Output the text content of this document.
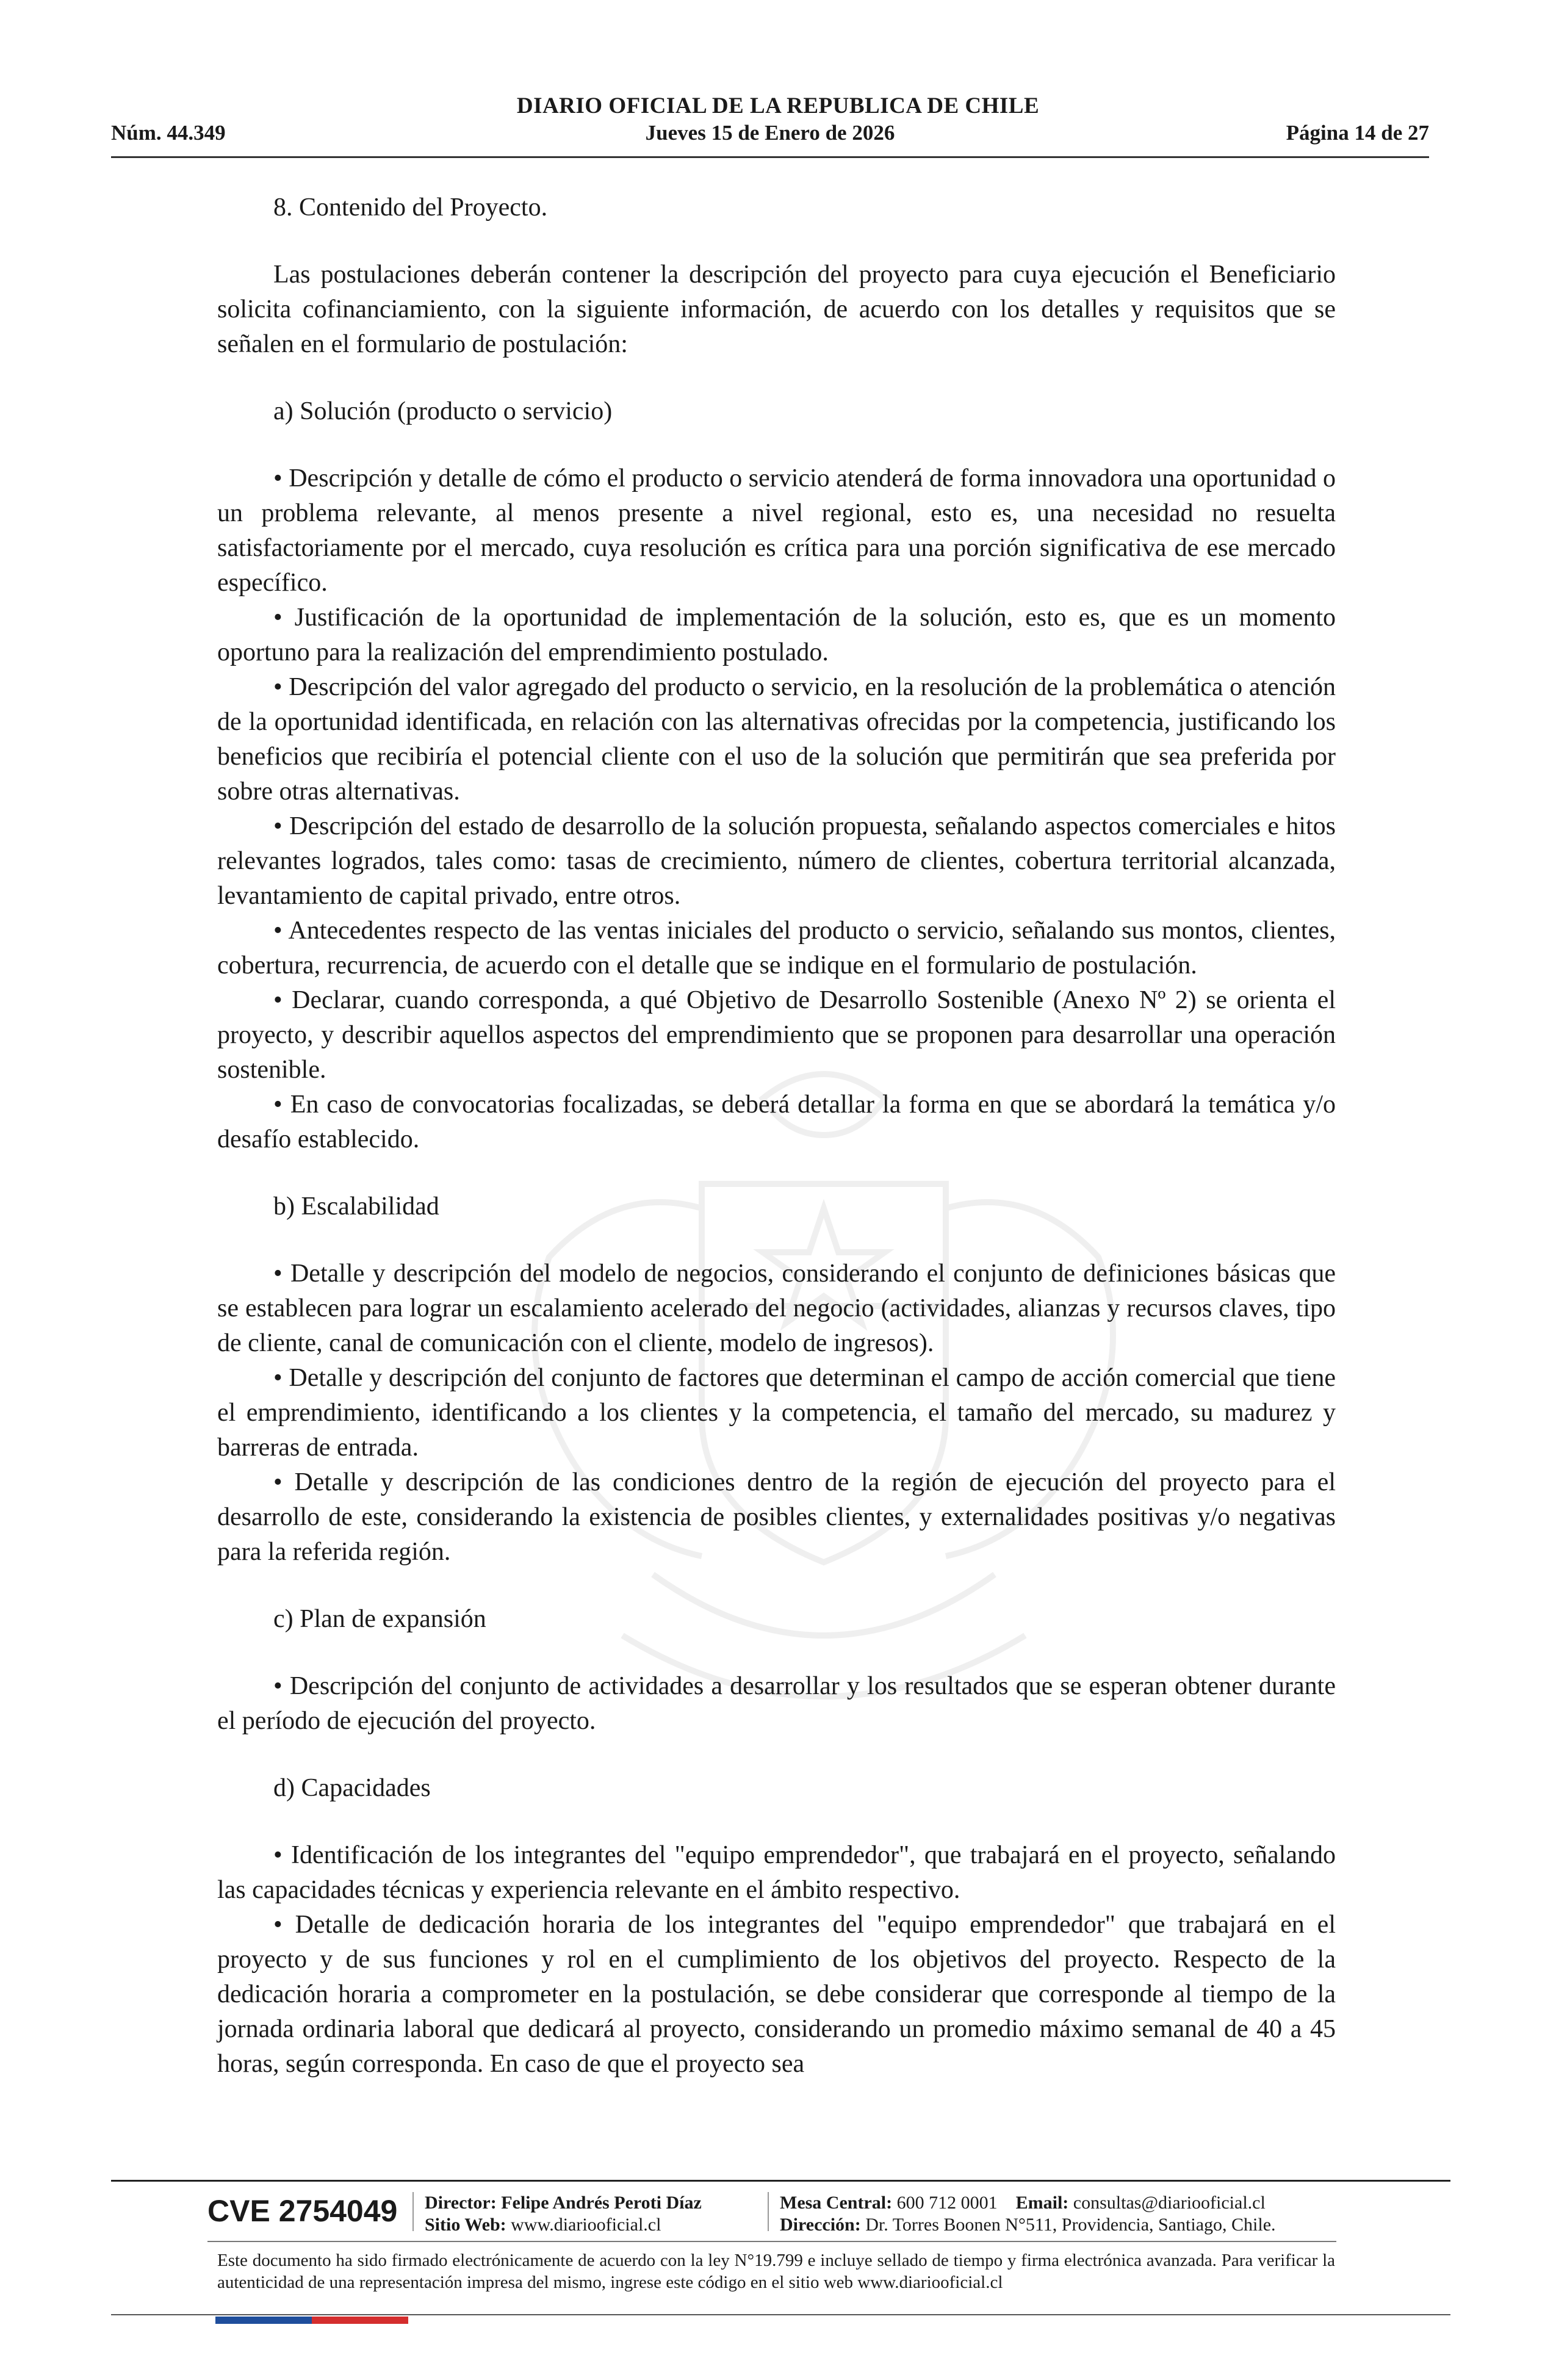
DIARIO OFICIAL DE LA REPUBLICA DE CHILE
Núm. 44.349	Jueves 15 de Enero de 2026	Página 14 de 27

8. Contenido del Proyecto.

Las postulaciones deberán contener la descripción del proyecto para cuya ejecución el Beneficiario solicita cofinanciamiento, con la siguiente información, de acuerdo con los detalles y requisitos que se señalen en el formulario de postulación:

a) Solución (producto o servicio)

• Descripción y detalle de cómo el producto o servicio atenderá de forma innovadora una oportunidad o un problema relevante, al menos presente a nivel regional, esto es, una necesidad no resuelta satisfactoriamente por el mercado, cuya resolución es crítica para una porción significativa de ese mercado específico.

• Justificación de la oportunidad de implementación de la solución, esto es, que es un momento oportuno para la realización del emprendimiento postulado.

• Descripción del valor agregado del producto o servicio, en la resolución de la problemática o atención de la oportunidad identificada, en relación con las alternativas ofrecidas por la competencia, justificando los beneficios que recibiría el potencial cliente con el uso de la solución que permitirán que sea preferida por sobre otras alternativas.

• Descripción del estado de desarrollo de la solución propuesta, señalando aspectos comerciales e hitos relevantes logrados, tales como: tasas de crecimiento, número de clientes, cobertura territorial alcanzada, levantamiento de capital privado, entre otros.

• Antecedentes respecto de las ventas iniciales del producto o servicio, señalando sus montos, clientes, cobertura, recurrencia, de acuerdo con el detalle que se indique en el formulario de postulación.

• Declarar, cuando corresponda, a qué Objetivo de Desarrollo Sostenible (Anexo Nº 2) se orienta el proyecto, y describir aquellos aspectos del emprendimiento que se proponen para desarrollar una operación sostenible.

• En caso de convocatorias focalizadas, se deberá detallar la forma en que se abordará la temática y/o desafío establecido.

b) Escalabilidad

• Detalle y descripción del modelo de negocios, considerando el conjunto de definiciones básicas que se establecen para lograr un escalamiento acelerado del negocio (actividades, alianzas y recursos claves, tipo de cliente, canal de comunicación con el cliente, modelo de ingresos).

• Detalle y descripción del conjunto de factores que determinan el campo de acción comercial que tiene el emprendimiento, identificando a los clientes y la competencia, el tamaño del mercado, su madurez y barreras de entrada.

• Detalle y descripción de las condiciones dentro de la región de ejecución del proyecto para el desarrollo de este, considerando la existencia de posibles clientes, y externalidades positivas y/o negativas para la referida región.

c) Plan de expansión

• Descripción del conjunto de actividades a desarrollar y los resultados que se esperan obtener durante el período de ejecución del proyecto.

d) Capacidades

• Identificación de los integrantes del "equipo emprendedor", que trabajará en el proyecto, señalando las capacidades técnicas y experiencia relevante en el ámbito respectivo.

• Detalle de dedicación horaria de los integrantes del "equipo emprendedor" que trabajará en el proyecto y de sus funciones y rol en el cumplimiento de los objetivos del proyecto. Respecto de la dedicación horaria a comprometer en la postulación, se debe considerar que corresponde al tiempo de la jornada ordinaria laboral que dedicará al proyecto, considerando un promedio máximo semanal de 40 a 45 horas, según corresponda. En caso de que el proyecto sea

CVE 2754049	Director: Felipe Andrés Peroti Díaz
Sitio Web: www.diariooficial.cl
Mesa Central: 600 712 0001 Email: consultas@diariooficial.cl
Dirección: Dr. Torres Boonen N°511, Providencia, Santiago, Chile.
Este documento ha sido firmado electrónicamente de acuerdo con la ley N°19.799 e incluye sellado de tiempo y firma electrónica avanzada. Para verificar la autenticidad de una representación impresa del mismo, ingrese este código en el sitio web www.diariooficial.cl
